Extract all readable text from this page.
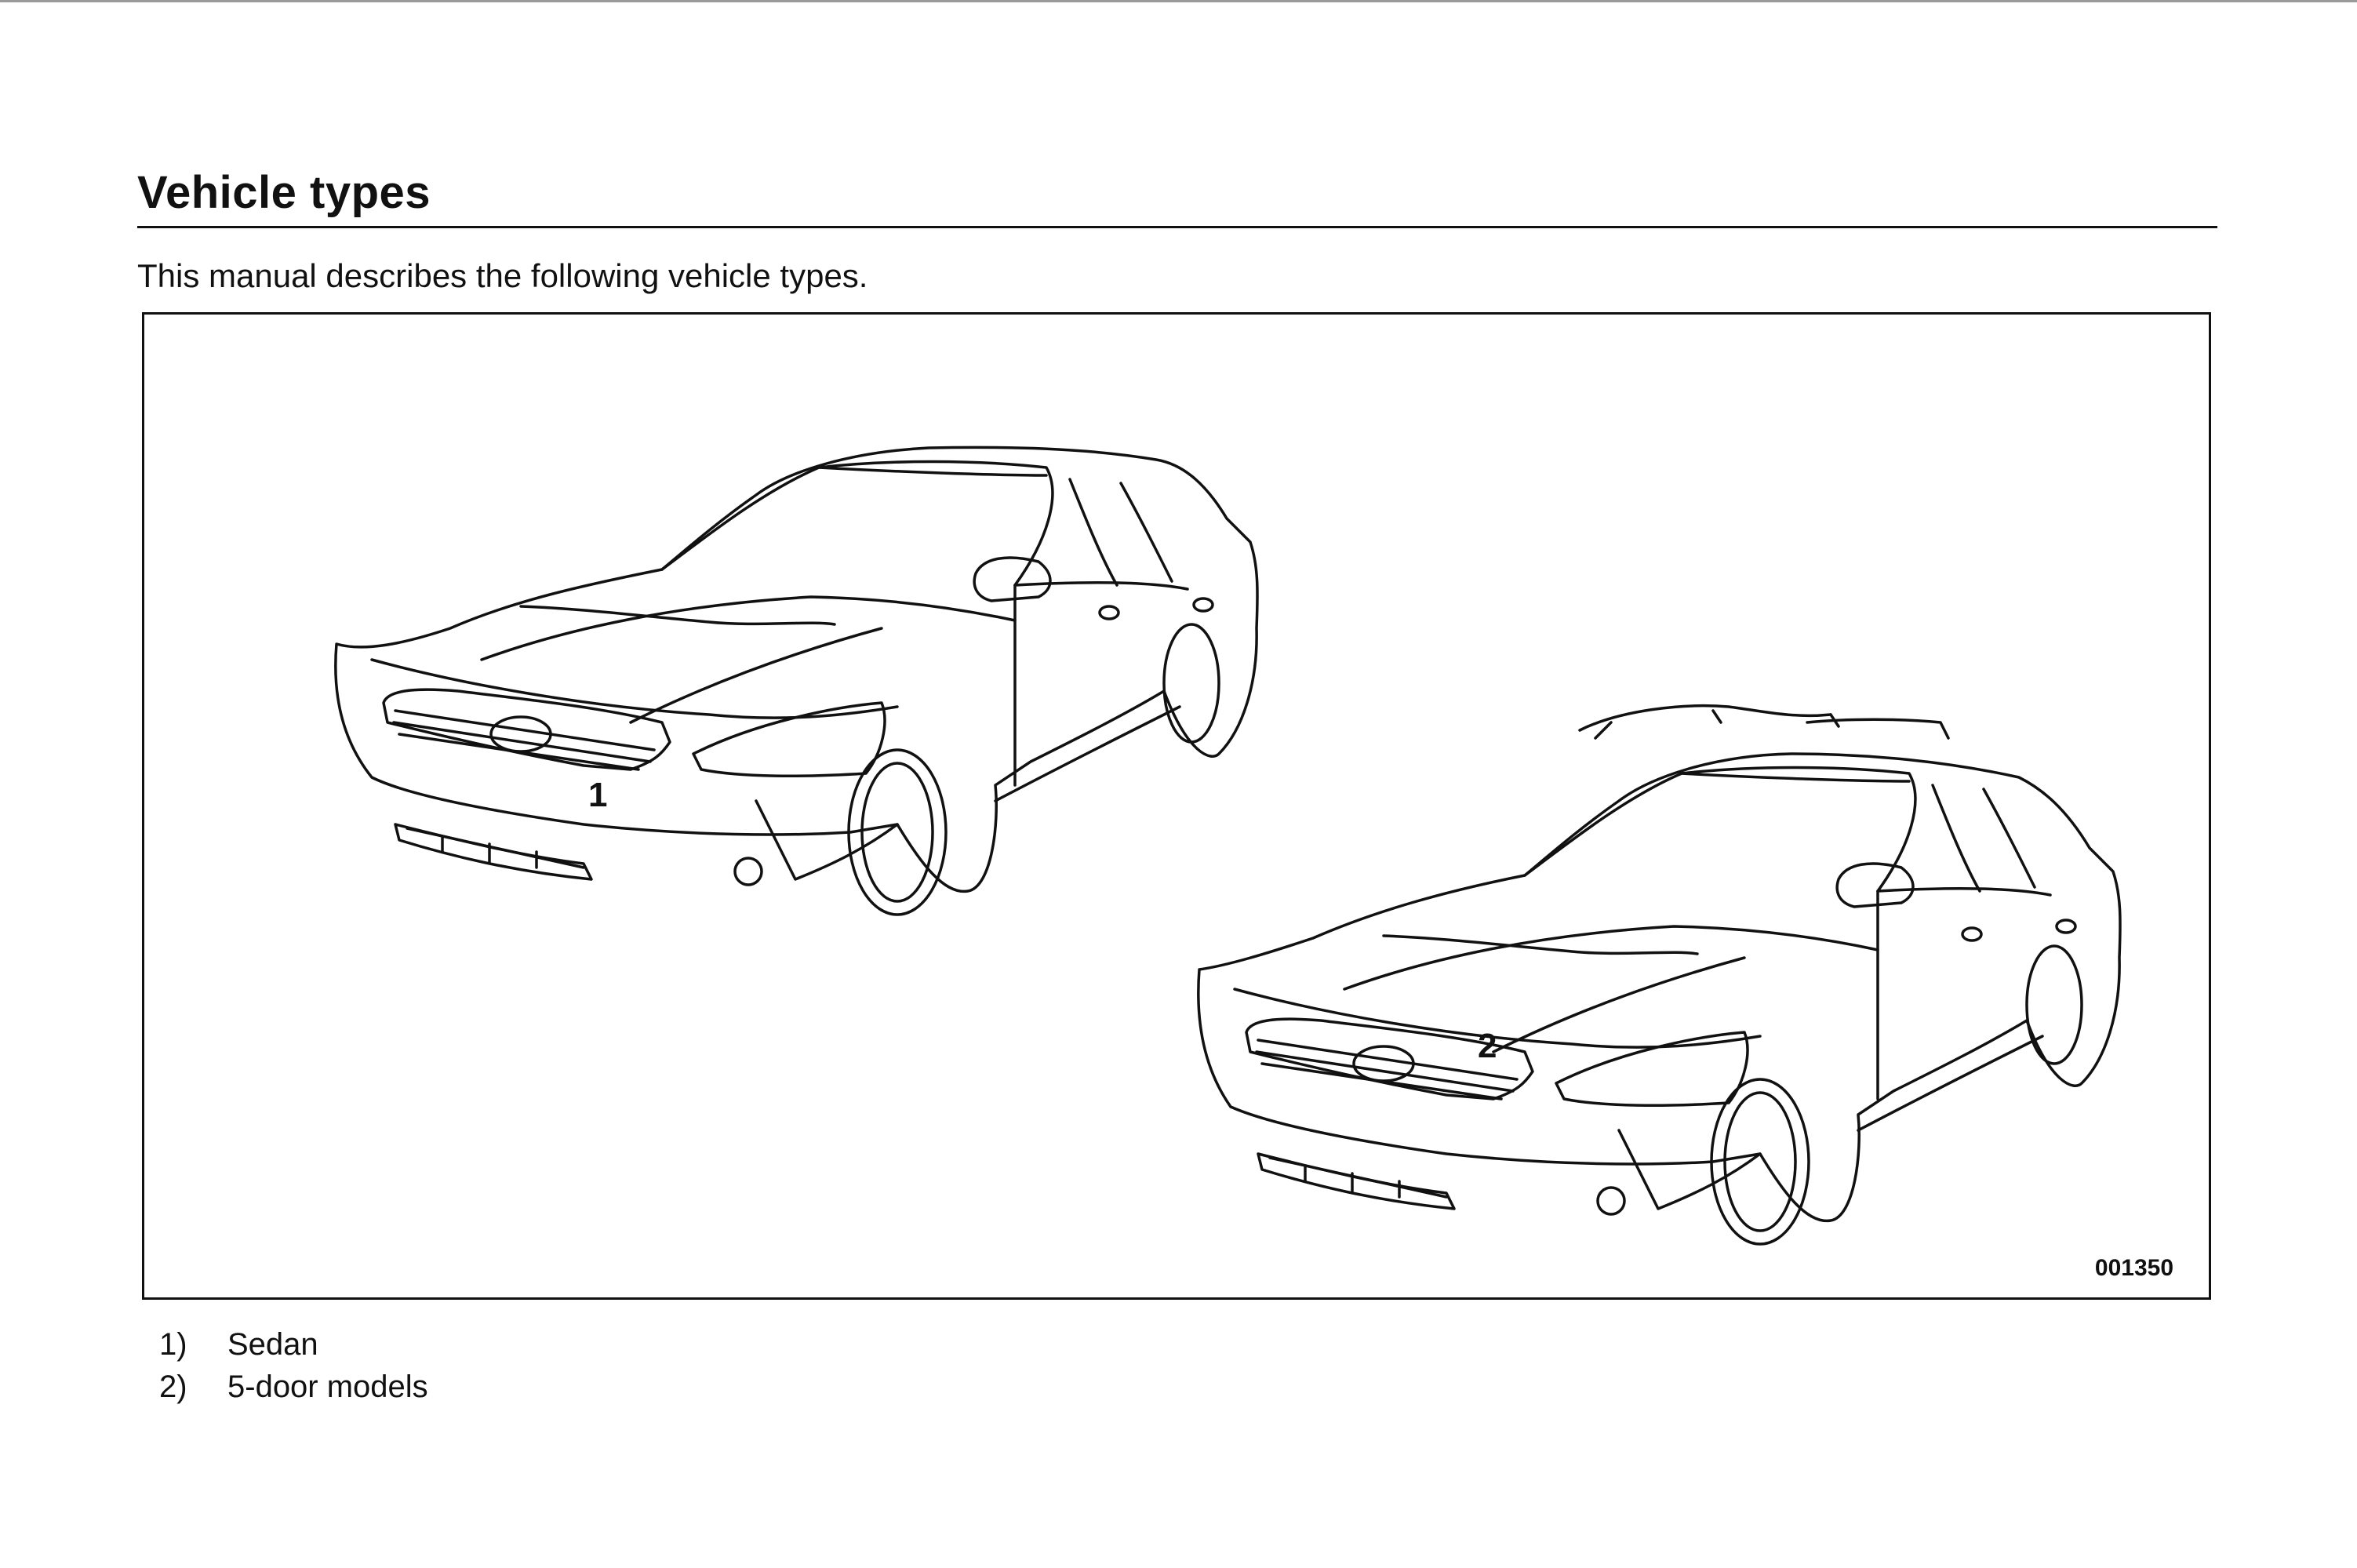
Vehicle types
This manual describes the following vehicle types.
1
2
001350
1)	Sedan
2)	5-door models
